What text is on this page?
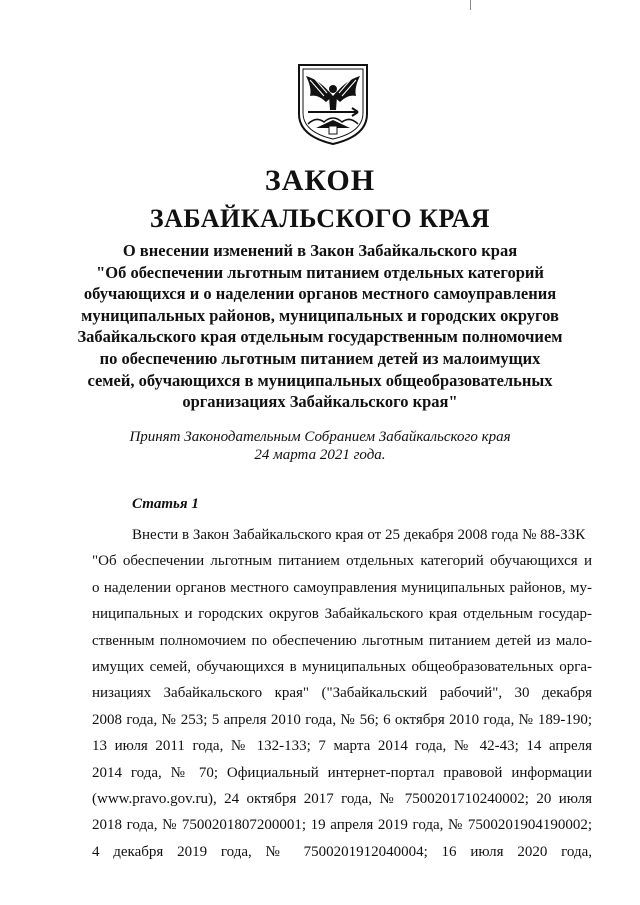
ЗАКОН
ЗАБАЙКАЛЬСКОГО КРАЯ
О внесении изменений в Закон Забайкальского края
"Об обеспечении льготным питанием отдельных категорий
обучающихся и о наделении органов местного самоуправления
муниципальных районов, муниципальных и городских округов
Забайкальского края отдельным государственным полномочием
по обеспечению льготным питанием детей из малоимущих
семей, обучающихся в муниципальных общеобразовательных
организациях Забайкальского края"
Принят Законодательным Собранием Забайкальского края
24 марта 2021 года.
Статья 1
Внести в Закон Забайкальского края от 25 декабря 2008 года № 88-ЗЗК
"Об обеспечении льготным питанием отдельных категорий обучающихся и
о наделении органов местного самоуправления муниципальных районов, му-
ниципальных и городских округов Забайкальского края отдельным государ-
ственным полномочием по обеспечению льготным питанием детей из мало-
имущих семей, обучающихся в муниципальных общеобразовательных орга-
низациях Забайкальского края" ("Забайкальский рабочий", 30 декабря
2008 года, № 253; 5 апреля 2010 года, № 56; 6 октября 2010 года, № 189-190;
13 июля 2011 года, № 132-133; 7 марта 2014 года, № 42-43; 14 апреля
2014 года, № 70; Официальный интернет-портал правовой информации
(www.pravo.gov.ru), 24 октября 2017 года, № 7500201710240002; 20 июля
2018 года, № 7500201807200001; 19 апреля 2019 года, № 7500201904190002;
4 декабря 2019 года, № 7500201912040004; 16 июля 2020 года,
